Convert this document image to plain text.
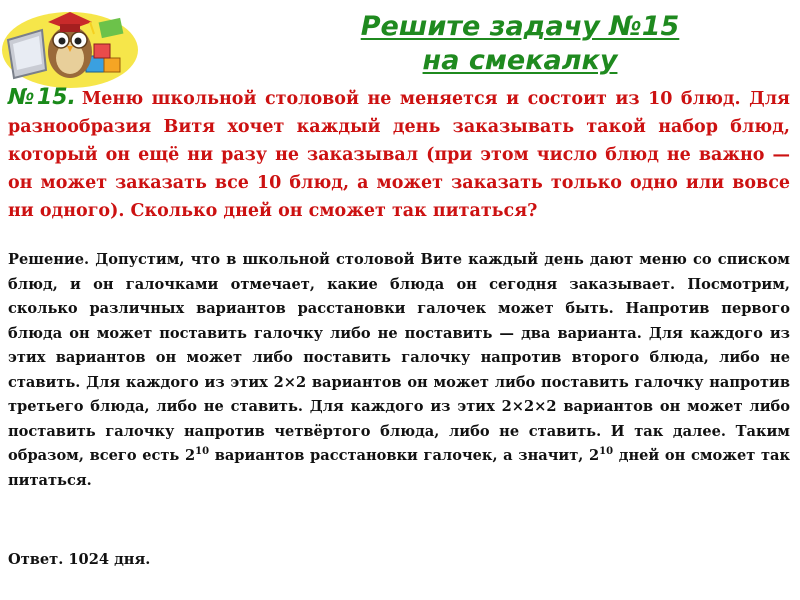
Решите задачу №15
на смекалку

№15. Меню школьной столовой не меняется и состоит из 10 блюд. Для разнообразия Витя хочет каждый день заказывать такой набор блюд, который он ещё ни разу не заказывал (при этом число блюд не важно — он может заказать все 10 блюд, а может заказать только одно или вовсе ни одного). Сколько дней он сможет так питаться?

Решение. Допустим, что в школьной столовой Вите каждый день дают меню со списком блюд, и он галочками отмечает, какие блюда он сегодня заказывает. Посмотрим, сколько различных вариантов расстановки галочек может быть. Напротив первого блюда он может поставить галочку либо не поставить — два варианта. Для каждого из этих вариантов он может либо поставить галочку напротив второго блюда, либо не ставить. Для каждого из этих 2×2 вариантов он может либо поставить галочку напротив третьего блюда, либо не ставить. Для каждого из этих 2×2×2 вариантов он может либо поставить галочку напротив четвёртого блюда, либо не ставить. И так далее. Таким образом, всего есть $2^{10}$ вариантов расстановки галочек, а значит, $2^{10}$ дней он сможет так питаться.

Ответ. 1024 дня.
